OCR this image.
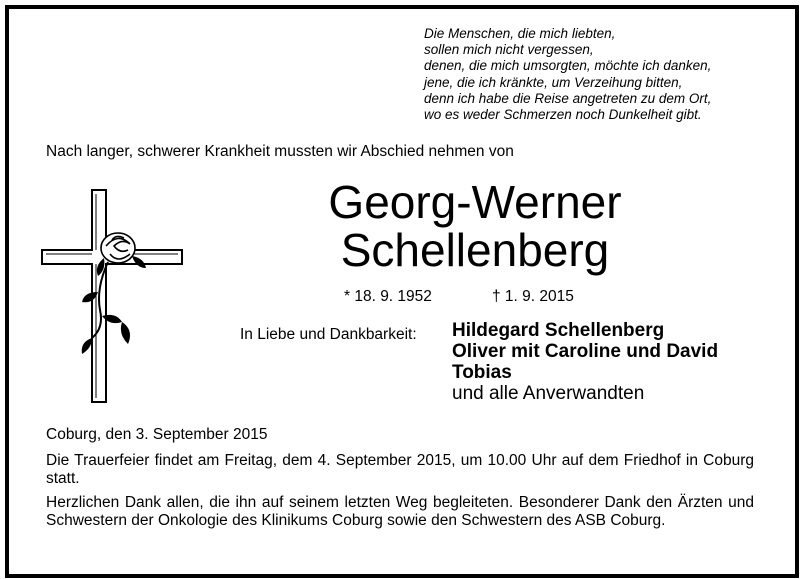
Die Menschen, die mich liebten,
sollen mich nicht vergessen,
denen, die mich umsorgten, möchte ich danken,
jene, die ich kränkte, um Verzeihung bitten,
denn ich habe die Reise angetreten zu dem Ort,
wo es weder Schmerzen noch Dunkelheit gibt.
Nach langer, schwerer Krankheit mussten wir Abschied nehmen von
Georg-Werner
Schellenberg
* 18. 9. 1952	† 1. 9. 2015
In Liebe und Dankbarkeit: Hildegard Schellenberg
Oliver mit Caroline und David
Tobias
und alle Anverwandten
Coburg, den 3. September 2015
Die Trauerfeier findet am Freitag, dem 4. September 2015, um 10.00 Uhr auf dem Friedhof in Coburg statt.
Herzlichen Dank allen, die ihn auf seinem letzten Weg begleiteten. Besonderer Dank den Ärzten und Schwestern der Onkologie des Klinikums Coburg sowie den Schwestern des ASB Coburg.
